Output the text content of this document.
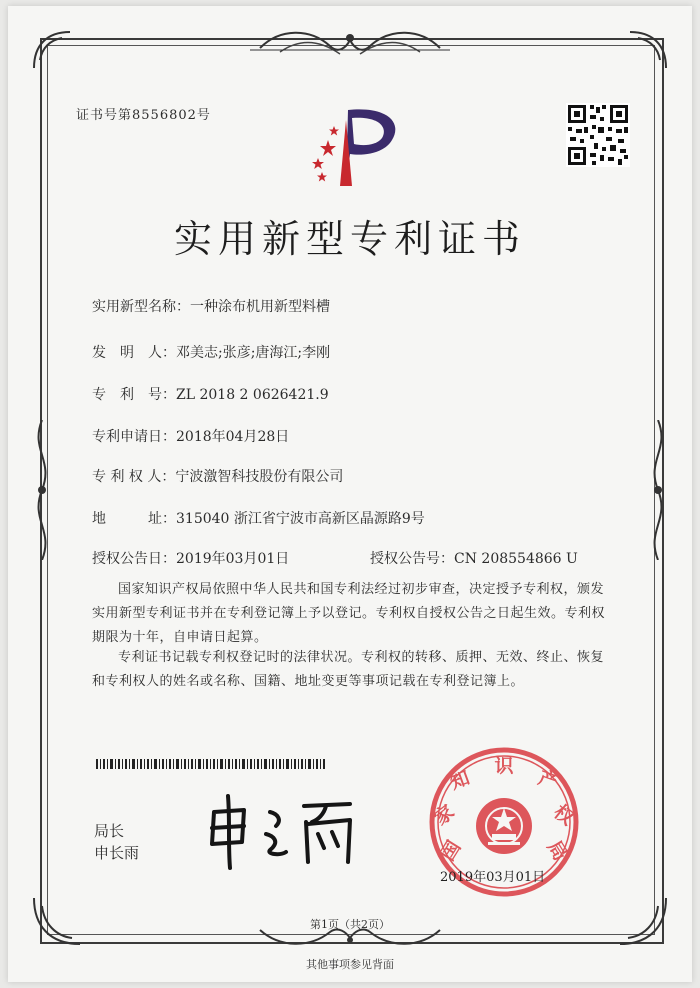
证书号第8556802号
实用新型专利证书
实用新型名称：一种涂布机用新型料槽
发　明　人：邓美志;张彦;唐海江;李刚
专　利　号：ZL 2018 2 0626421.9
专利申请日：2018年04月28日
专 利 权 人：宁波激智科技股份有限公司
地　　　址：315040 浙江省宁波市高新区晶源路9号
授权公告日：2019年03月01日	授权公告号：CN 208554866 U
国家知识产权局依照中华人民共和国专利法经过初步审查，决定授予专利权，颁发实用新型专利证书并在专利登记簿上予以登记。专利权自授权公告之日起生效。专利权期限为十年，自申请日起算。
专利证书记载专利权登记时的法律状况。专利权的转移、质押、无效、终止、恢复和专利权人的姓名或名称、国籍、地址变更等事项记载在专利登记簿上。
局长
申长雨	国
家
知
识
产
权
局
2019年03月01日
第1页（共2页）
其他事项参见背面
